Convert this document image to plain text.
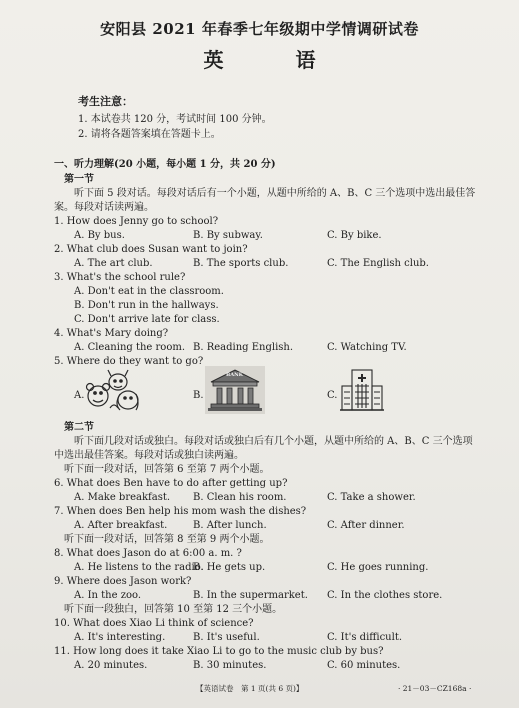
安阳县 2021 年春季七年级期中学情调研试卷
英　语
考生注意：
1. 本试卷共 120 分，考试时间 100 分钟。
2. 请将各题答案填在答题卡上。
一、听力理解(20 小题，每小题 1 分，共 20 分)
第一节
听下面 5 段对话。每段对话后有一个小题，从题中所给的 A、B、C 三个选项中选出最佳答
案。每段对话读两遍。
1. How does Jenny go to school?
A. By bus.	B. By subway.	C. By bike.
2. What club does Susan want to join?
A. The art club.	B. The sports club.	C. The English club.
3. What's the school rule?
A. Don't eat in the classroom.
B. Don't run in the hallways.
C. Don't arrive late for class.
4. What's Mary doing?
A. Cleaning the room. B. Reading English.	C. Watching TV.
5. Where do they want to go?
A.	B.	C.
BANK
第二节
听下面几段对话或独白。每段对话或独白后有几个小题，从题中所给的 A、B、C 三个选项
中选出最佳答案。每段对话或独白读两遍。
听下面一段对话，回答第 6 至第 7 两个小题。
6. What does Ben have to do after getting up?
A. Make breakfast. B. Clean his room.	C. Take a shower.
7. When does Ben help his mom wash the dishes?
A. After breakfast.	B. After lunch.	C. After dinner.
听下面一段对话，回答第 8 至第 9 两个小题。
8. What does Jason do at 6:00 a. m. ?
A. He listens to the radio.
B. He gets up.	C. He goes running.
9. Where does Jason work?
A. In the zoo.	B. In the supermarket. C. In the clothes store.
听下面一段独白，回答第 10 至第 12 三个小题。
10. What does Xiao Li think of science?
A. It's interesting.	B. It's useful.	C. It's difficult.
11. How long does it take Xiao Li to go to the music club by bus?
A. 20 minutes.	B. 30 minutes.	C. 60 minutes.
【英语试卷　第 1 页(共 6 页)】	· 21－03－CZ168a ·
